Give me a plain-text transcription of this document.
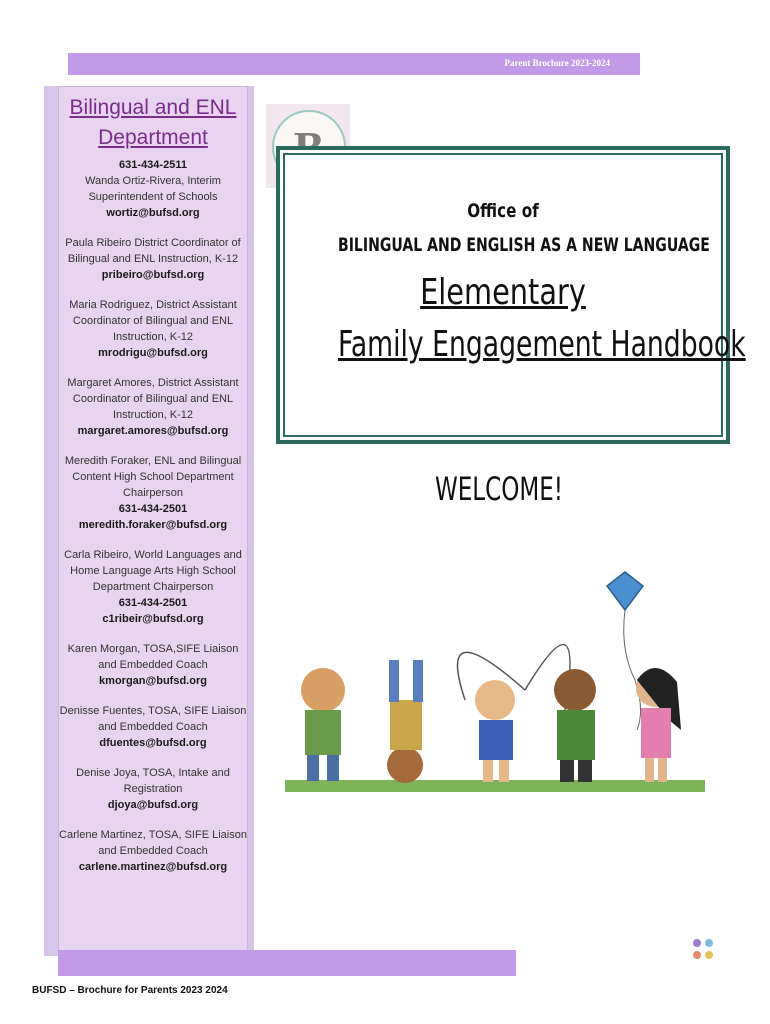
Parent Brochure 2023-2024
Bilingual and ENL
Department
631-434-2511
Wanda Ortiz-Rivera, Interim Superintendent of Schools
wortiz@bufsd.org
Paula Ribeiro District Coordinator of Bilingual and ENL Instruction, K-12
pribeiro@bufsd.org
Maria Rodriguez, District Assistant Coordinator of Bilingual and ENL Instruction, K-12
mrodrigu@bufsd.org
Margaret Amores, District Assistant Coordinator of Bilingual and ENL Instruction, K-12
margaret.amores@bufsd.org
Meredith Foraker, ENL and Bilingual Content High School Department Chairperson
631-434-2501
meredith.foraker@bufsd.org
Carla Ribeiro, World Languages and Home Language Arts High School Department Chairperson
631-434-2501
c1ribeir@bufsd.org
Karen Morgan, TOSA,SIFE Liaison and Embedded Coach
kmorgan@bufsd.org
Denisse Fuentes, TOSA, SIFE Liaison and Embedded Coach
dfuentes@bufsd.org
Denise Joya, TOSA, Intake and Registration
djoya@bufsd.org
Carlene Martinez, TOSA, SIFE Liaison and Embedded Coach
carlene.martinez@bufsd.org
BUFSD – Brochure for Parents 2023 2024
Office of
BILINGUAL AND ENGLISH AS A NEW LANGUAGE
Elementary
Family Engagement Handbook
WELCOME!
